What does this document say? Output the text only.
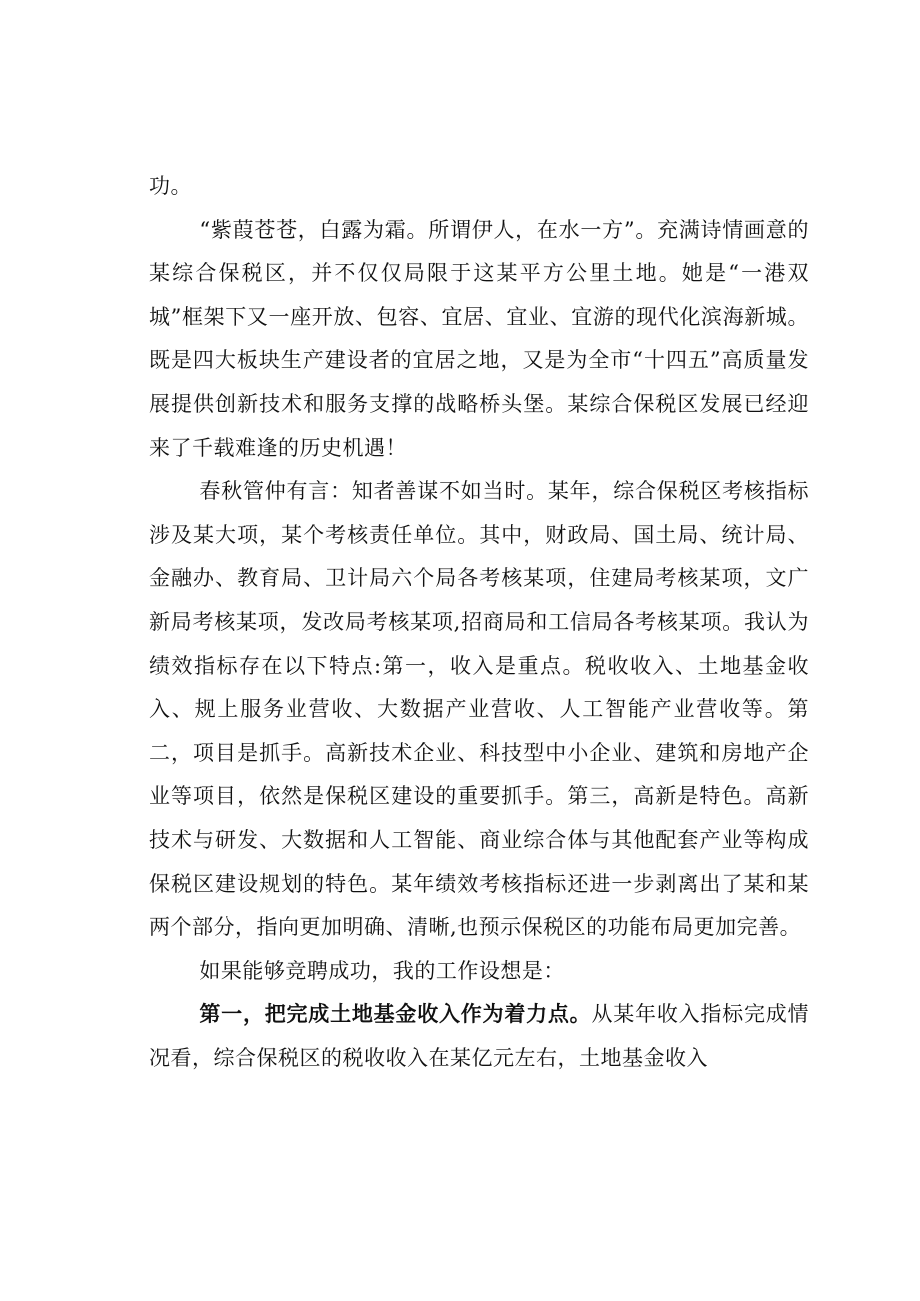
功。

“紫葭苍苍，白露为霜。所谓伊人，在水一方”。充满诗情画意的某综合保税区，并不仅仅局限于这某平方公里土地。她是“一港双城”框架下又一座开放、包容、宜居、宜业、宜游的现代化滨海新城。既是四大板块生产建设者的宜居之地，又是为全市“十四五”高质量发展提供创新技术和服务支撑的战略桥头堡。某综合保税区发展已经迎来了千载难逢的历史机遇！

春秋管仲有言：知者善谋不如当时。某年，综合保税区考核指标涉及某大项，某个考核责任单位。其中，财政局、国土局、统计局、金融办、教育局、卫计局六个局各考核某项，住建局考核某项，文广新局考核某项，发改局考核某项,招商局和工信局各考核某项。我认为绩效指标存在以下特点:第一，收入是重点。税收收入、土地基金收入、规上服务业营收、大数据产业营收、人工智能产业营收等。第二，项目是抓手。高新技术企业、科技型中小企业、建筑和房地产企业等项目，依然是保税区建设的重要抓手。第三，高新是特色。高新技术与研发、大数据和人工智能、商业综合体与其他配套产业等构成保税区建设规划的特色。某年绩效考核指标还进一步剥离出了某和某两个部分，指向更加明确、清晰,也预示保税区的功能布局更加完善。

如果能够竞聘成功，我的工作设想是：

第一，把完成土地基金收入作为着力点。从某年收入指标完成情况看，综合保税区的税收收入在某亿元左右，土地基金收入
